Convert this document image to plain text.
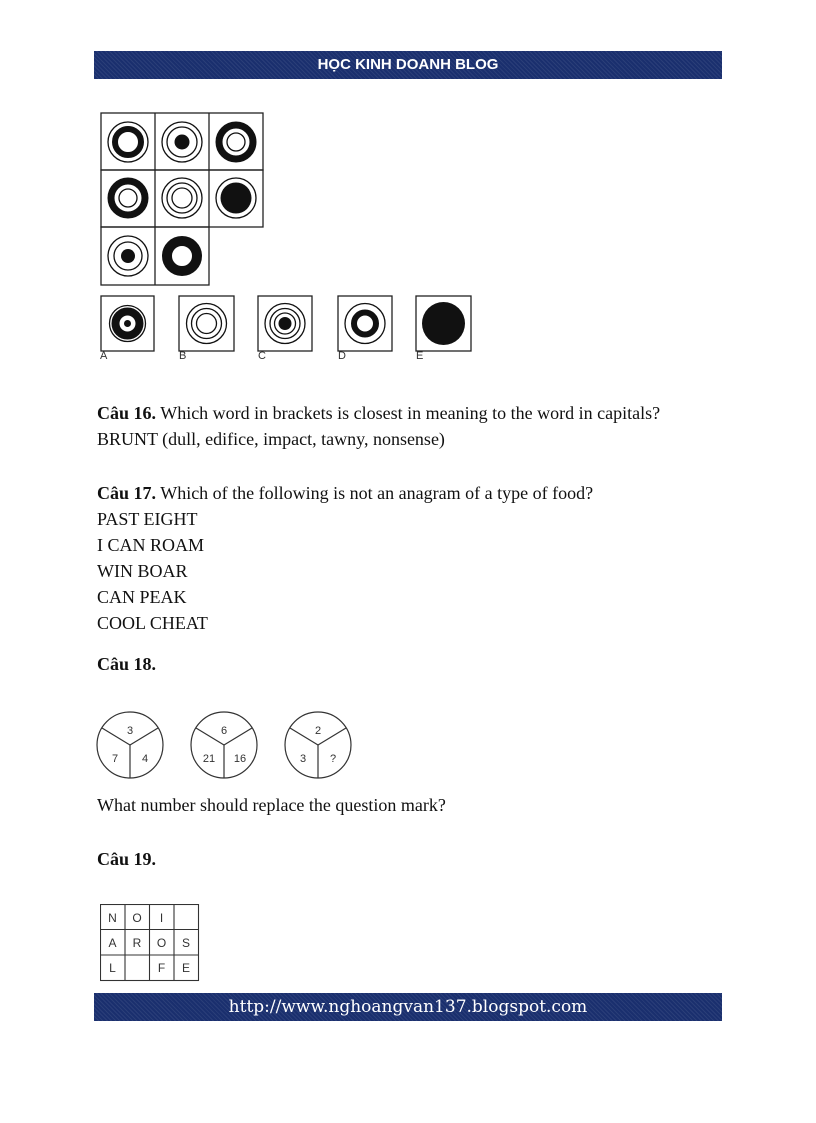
HỌC KINH DOANH BLOG
A	B	C	D	E
Câu 16. Which word in brackets is closest in meaning to the word in capitals?
BRUNT (dull, edifice, impact, tawny, nonsense)
Câu 17. Which of the following is not an anagram of a type of food?
PAST EIGHT
I CAN ROAM
WIN BOAR
CAN PEAK
COOL CHEAT
Câu 18.
3
7 4
6
21 16
2
3 ?
What number should replace the question mark?
Câu 19.
N O I
A R O S
L	F E
http://www.nghoangvan137.blogspot.com
